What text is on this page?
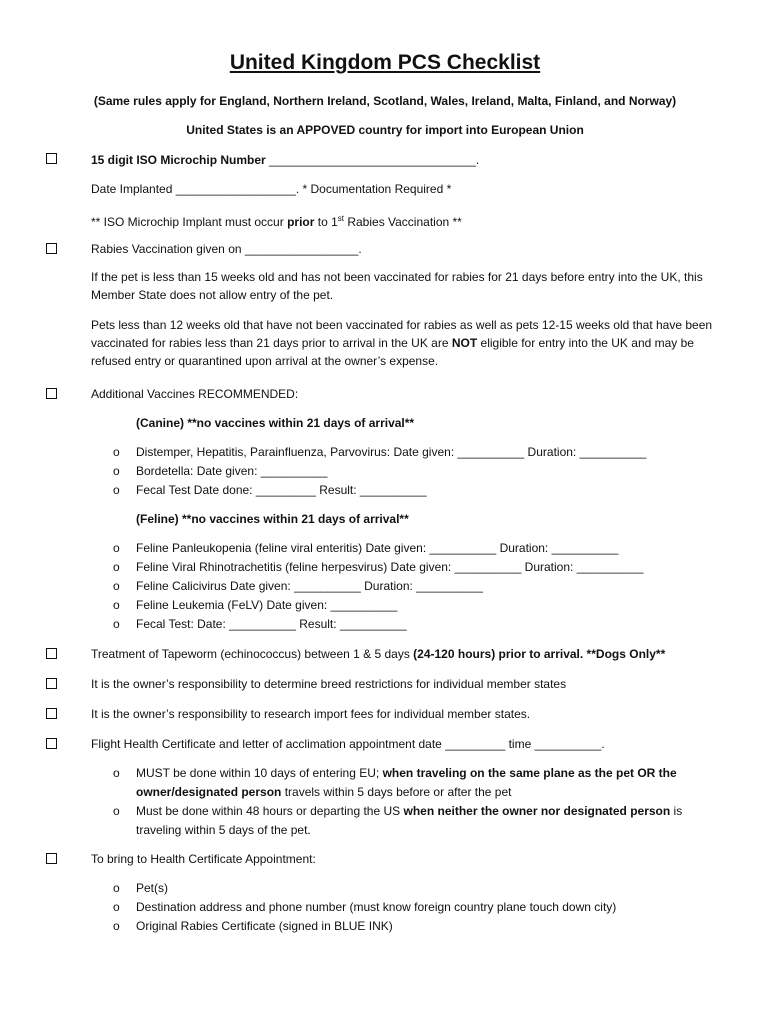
United Kingdom PCS Checklist
(Same rules apply for England, Northern Ireland, Scotland, Wales, Ireland, Malta, Finland, and Norway)
United States is an APPOVED country for import into European Union
15 digit ISO Microchip Number _______________________________.
Date Implanted __________________. * Documentation Required *
** ISO Microchip Implant must occur prior to 1st Rabies Vaccination **
Rabies Vaccination given on _________________.
If the pet is less than 15 weeks old and has not been vaccinated for rabies for 21 days before entry into the UK, this Member State does not allow entry of the pet.
Pets less than 12 weeks old that have not been vaccinated for rabies as well as pets 12-15 weeks old that have been vaccinated for rabies less than 21 days prior to arrival in the UK are NOT eligible for entry into the UK and may be refused entry or quarantined upon arrival at the owner’s expense.
Additional Vaccines RECOMMENDED:
(Canine) **no vaccines within 21 days of arrival**
o Distemper, Hepatitis, Parainfluenza, Parvovirus: Date given: __________ Duration: __________
o Bordetella: Date given: __________
o Fecal Test Date done: _________ Result: __________
(Feline) **no vaccines within 21 days of arrival**
o Feline Panleukopenia (feline viral enteritis) Date given: __________ Duration: __________
o Feline Viral Rhinotrachetitis (feline herpesvirus) Date given: __________ Duration: __________
o Feline Calicivirus Date given: __________ Duration: __________
o Feline Leukemia (FeLV) Date given: __________
o Fecal Test: Date: __________ Result: __________
Treatment of Tapeworm (echinococcus) between 1 & 5 days (24-120 hours) prior to arrival. **Dogs Only**
It is the owner’s responsibility to determine breed restrictions for individual member states
It is the owner’s responsibility to research import fees for individual member states.
Flight Health Certificate and letter of acclimation appointment date _________ time __________.
o MUST be done within 10 days of entering EU; when traveling on the same plane as the pet OR the
owner/designated person travels within 5 days before or after the pet
o Must be done within 48 hours or departing the US when neither the owner nor designated person is
traveling within 5 days of the pet.
To bring to Health Certificate Appointment:
o Pet(s)
o Destination address and phone number (must know foreign country plane touch down city)
o Original Rabies Certificate (signed in BLUE INK)
